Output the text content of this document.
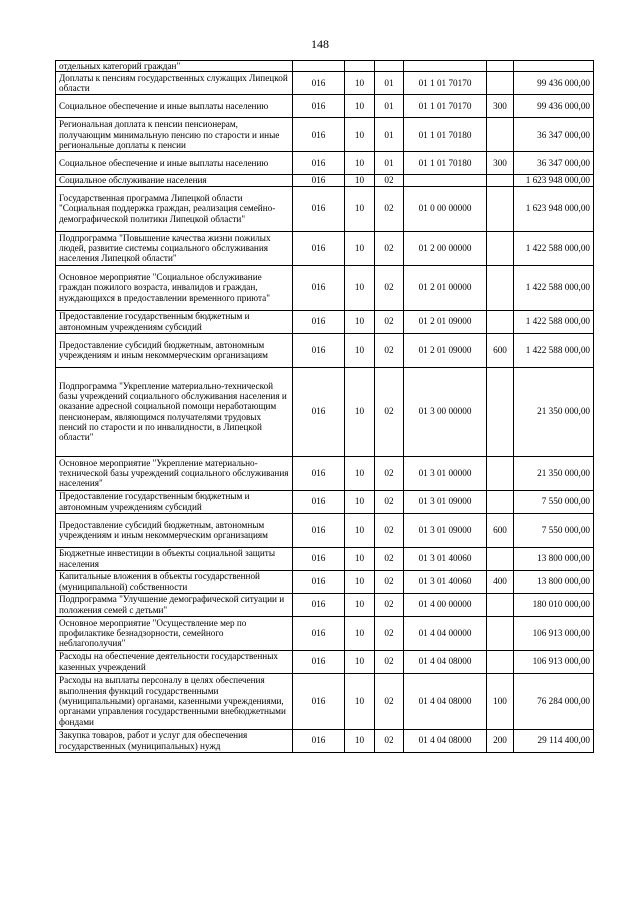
148
отдельных категорий граждан"						
Доплаты к пенсиям государственных служащих Липецкой области	016	10	01	01 1 01 70170		99 436 000,00
Социальное обеспечение и иные выплаты населению	016	10	01	01 1 01 70170	300	99 436 000,00
Региональная доплата к пенсии пенсионерам, получающим минимальную пенсию по старости и иные региональные доплаты к пенсии	016	10	01	01 1 01 70180		36 347 000,00
Социальное обеспечение и иные выплаты населению	016	10	01	01 1 01 70180	300	36 347 000,00
Социальное обслуживание населения	016	10	02			1 623 948 000,00
Государственная программа Липецкой области "Социальная поддержка граждан, реализация семейно-демографической политики Липецкой области"	016	10	02	01 0 00 00000		1 623 948 000,00
Подпрограмма "Повышение качества жизни пожилых людей, развитие системы социального обслуживания населения Липецкой области"	016	10	02	01 2 00 00000		1 422 588 000,00
Основное мероприятие "Социальное обслуживание граждан пожилого возраста, инвалидов и граждан, нуждающихся в предоставлении временного приюта"	016	10	02	01 2 01 00000		1 422 588 000,00
Предоставление государственным бюджетным и автономным учреждениям субсидий	016	10	02	01 2 01 09000		1 422 588 000,00
Предоставление субсидий бюджетным, автономным учреждениям и иным некоммерческим организациям	016	10	02	01 2 01 09000	600	1 422 588 000,00
Подпрограмма "Укрепление материально-технической базы учреждений социального обслуживания населения и оказание адресной социальной помощи неработающим пенсионерам, являющимся получателями трудовых пенсий по старости и по инвалидности, в Липецкой области"	016	10	02	01 3 00 00000		21 350 000,00
Основное мероприятие "Укрепление материально-технической базы учреждений социального обслуживания населения"	016	10	02	01 3 01 00000		21 350 000,00
Предоставление государственным бюджетным и автономным учреждениям субсидий	016	10	02	01 3 01 09000		7 550 000,00
Предоставление субсидий бюджетным, автономным учреждениям и иным некоммерческим организациям	016	10	02	01 3 01 09000	600	7 550 000,00
Бюджетные инвестиции в объекты социальной защиты населения	016	10	02	01 3 01 40060		13 800 000,00
Капитальные вложения в объекты государственной (муниципальной) собственности	016	10	02	01 3 01 40060	400	13 800 000,00
Подпрограмма "Улучшение демографической ситуации и положения семей с детьми"	016	10	02	01 4 00 00000		180 010 000,00
Основное мероприятие "Осуществление мер по профилактике безнадзорности, семейного неблагополучия"	016	10	02	01 4 04 00000		106 913 000,00
Расходы на обеспечение деятельности государственных казенных учреждений	016	10	02	01 4 04 08000		106 913 000,00
Расходы на выплаты персоналу в целях обеспечения выполнения функций государственными (муниципальными) органами, казенными учреждениями, органами управления государственными внебюджетными фондами	016	10	02	01 4 04 08000	100	76 284 000,00
Закупка товаров, работ и услуг для обеспечения государственных (муниципальных) нужд	016	10	02	01 4 04 08000	200	29 114 400,00
